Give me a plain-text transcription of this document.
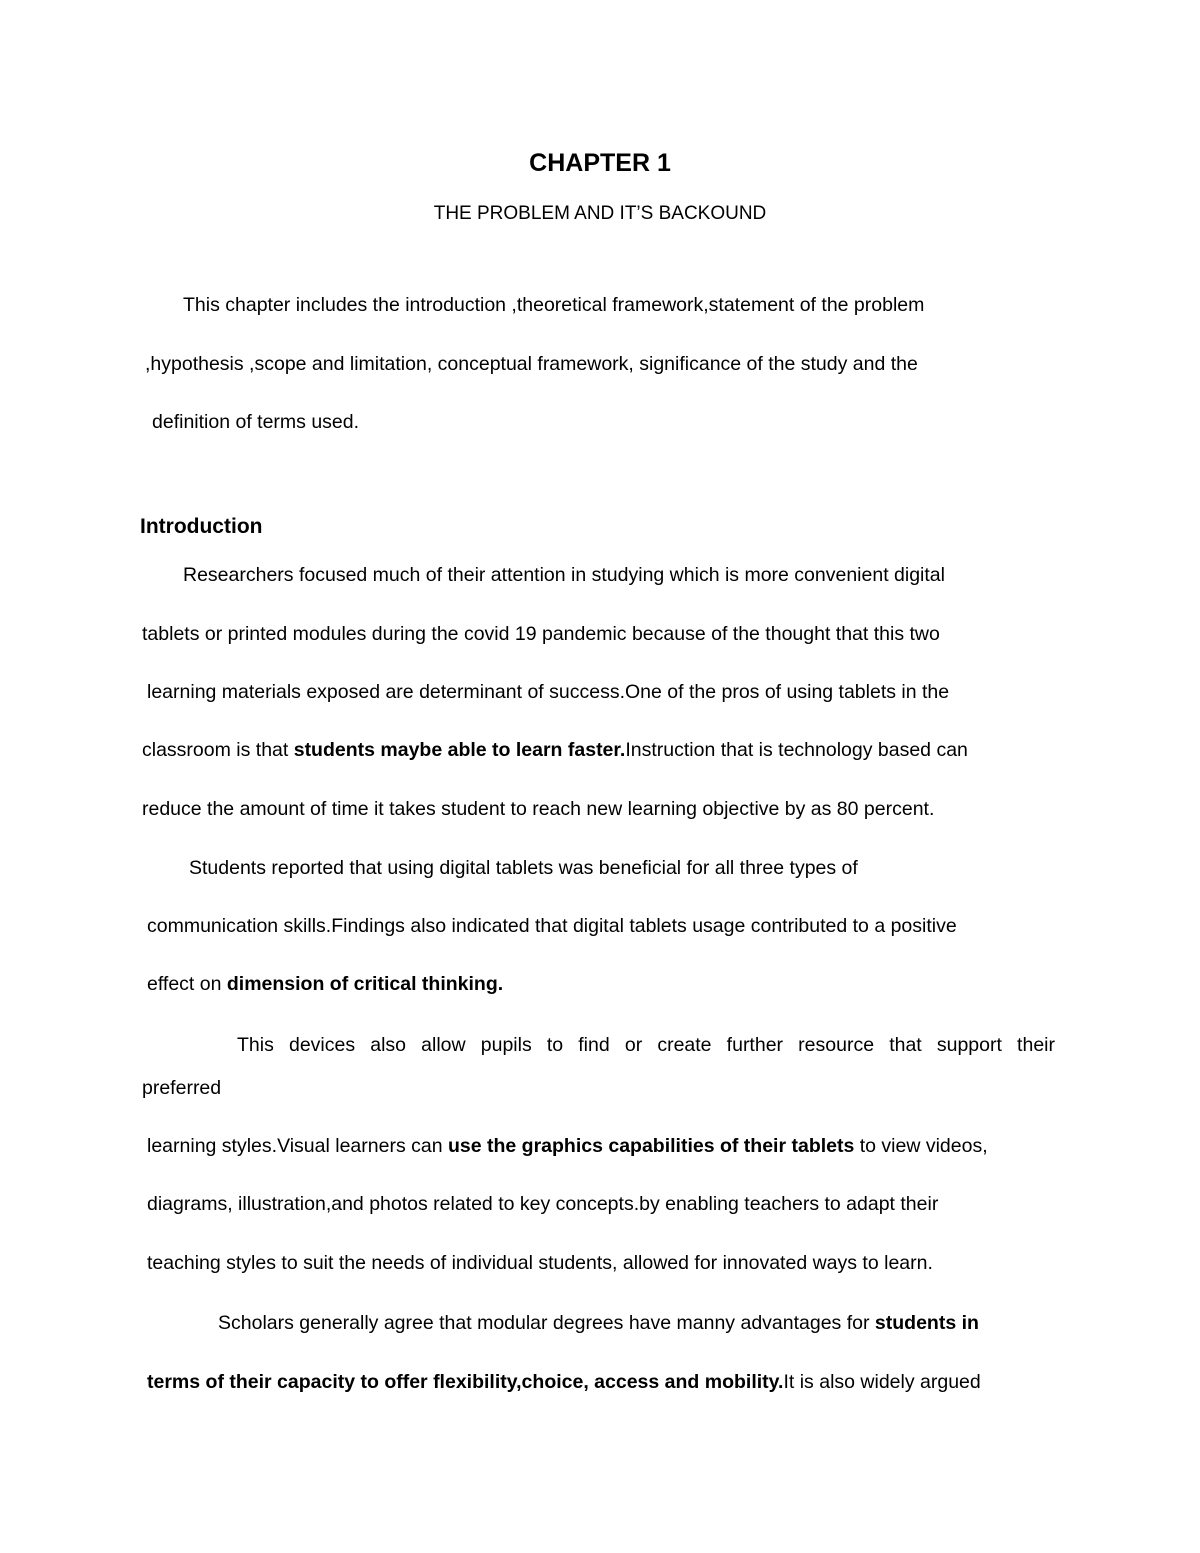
CHAPTER 1
THE PROBLEM AND IT’S BACKOUND
This chapter includes the introduction ,theoretical framework,statement of the problem
,hypothesis ,scope and limitation, conceptual framework, significance of the study and the
definition of terms used.
Introduction
Researchers focused much of their attention in studying which is more convenient digital
tablets or printed modules during the covid 19 pandemic because of the thought that this two
learning materials exposed are determinant of success.One of the pros of using tablets in the
classroom is that students maybe able to learn faster.Instruction that is technology based can
reduce the amount of time it takes student to reach new learning objective by as 80 percent.
Students reported that using digital tablets was beneficial for all three types of
communication skills.Findings also indicated that digital tablets usage contributed to a positive
effect on dimension of critical thinking.
This devices also allow pupils to find or create further resource that support their
preferred
learning styles.Visual learners can use the graphics capabilities of their tablets to view videos,
diagrams, illustration,and photos related to key concepts.by enabling teachers to adapt their
teaching styles to suit the needs of individual students, allowed for innovated ways to learn.
Scholars generally agree that modular degrees have manny advantages for students in
terms of their capacity to offer flexibility,choice, access and mobility.It is also widely argued
